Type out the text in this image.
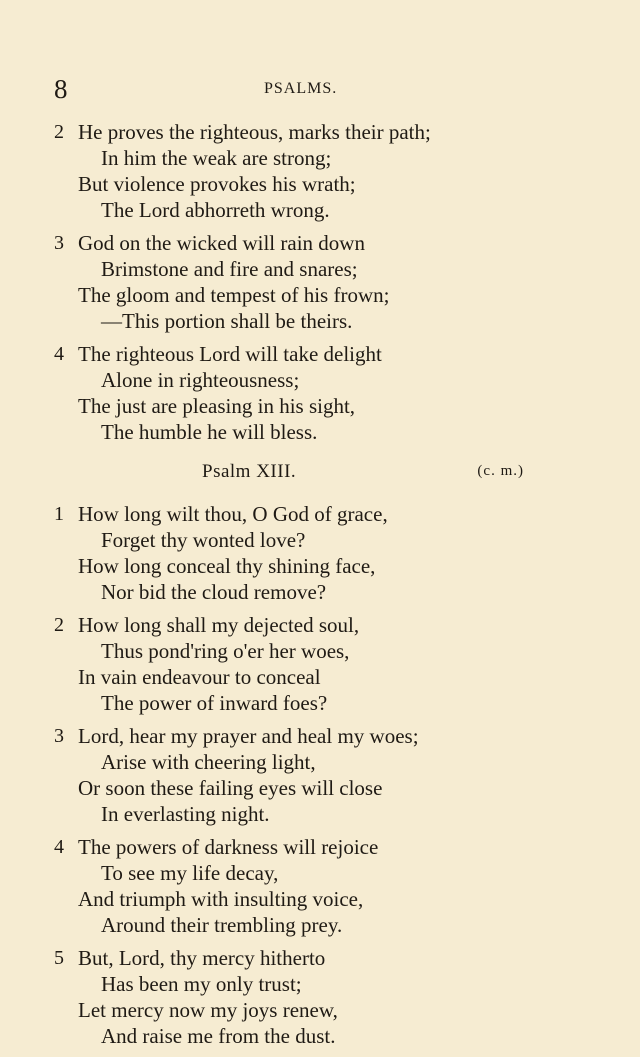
8	PSALMS.
2 He proves the righteous, marks their path;
In him the weak are strong;
But violence provokes his wrath;
The Lord abhorreth wrong.
3 God on the wicked will rain down
Brimstone and fire and snares;
The gloom and tempest of his frown;
—This portion shall be theirs.
4 The righteous Lord will take delight
Alone in righteousness;
The just are pleasing in his sight,
The humble he will bless.
Psalm XIII.	(c. m.)
1 How long wilt thou, O God of grace,
Forget thy wonted love?
How long conceal thy shining face,
Nor bid the cloud remove?
2 How long shall my dejected soul,
Thus pond'ring o'er her woes,
In vain endeavour to conceal
The power of inward foes?
3 Lord, hear my prayer and heal my woes;
Arise with cheering light,
Or soon these failing eyes will close
In everlasting night.
4 The powers of darkness will rejoice
To see my life decay,
And triumph with insulting voice,
Around their trembling prey.
5 But, Lord, thy mercy hitherto
Has been my only trust;
Let mercy now my joys renew,
And raise me from the dust.
